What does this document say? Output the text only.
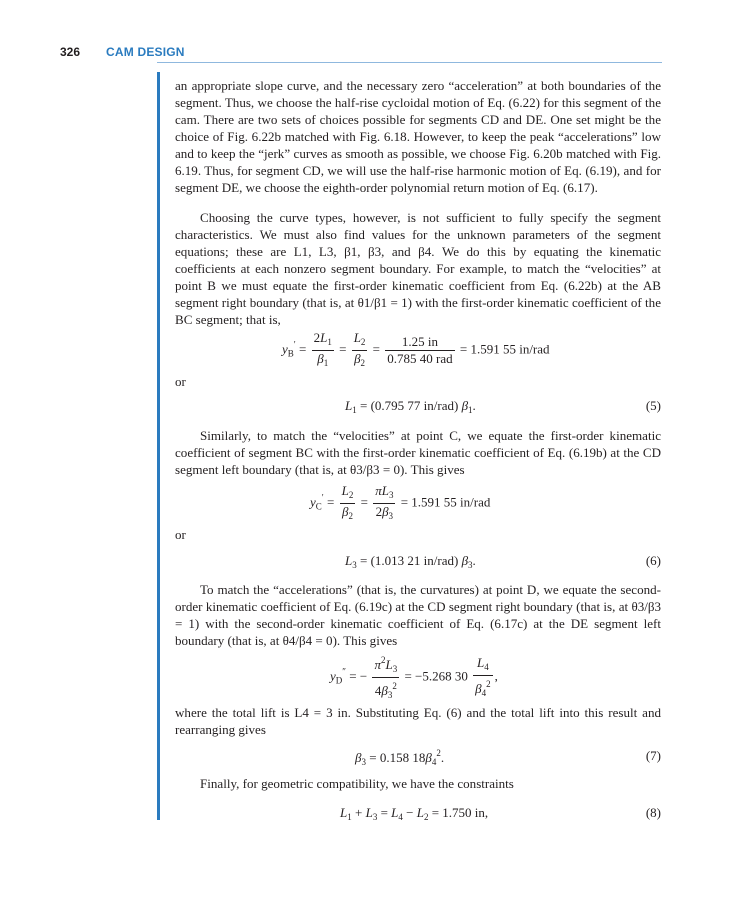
326 CAM DESIGN

an appropriate slope curve, and the necessary zero “acceleration” at both boundaries of the segment. Thus, we choose the half-rise cycloidal motion of Eq. (6.22) for this segment of the cam. There are two sets of choices possible for segments CD and DE. One set might be the choice of Fig. 6.22b matched with Fig. 6.18. However, to keep the peak “accelerations” low and to keep the “jerk” curves as smooth as possible, we choose Fig. 6.20b matched with Fig. 6.19. Thus, for segment CD, we will use the half-rise harmonic motion of Eq. (6.19), and for segment DE, we choose the eighth-order polynomial return motion of Eq. (6.17).

Choosing the curve types, however, is not sufficient to fully specify the segment characteristics. We must also find values for the unknown parameters of the segment equations; these are L1, L3, β1, β3, and β4. We do this by equating the kinematic coefficients at each nonzero segment boundary. For example, to match the “velocities” at point B we must equate the first-order kinematic coefficient from Eq. (6.22b) at the AB segment right boundary (that is, at θ1/β1 = 1) with the first-order kinematic coefficient of the BC segment; that is,

$y_B' = \frac{2L_1}{\beta_1} = \frac{L_2}{\beta_2} = \frac{1.25 in}{\text{0.785 40 rad}} = 1.591$ 55 in/rad
or
$L_1 = (0.795$ 77 in/rad) $\beta_1$.	(5)

Similarly, to match the “velocities” at point C, we equate the first-order kinematic coefficient of segment BC with the first-order kinematic coefficient of Eq. (6.19b) at the CD segment left boundary (that is, at θ3/β3 = 0). This gives

$y_C' = \frac{L_2}{\beta_2} = \frac{\pi L_3}{2\beta_3} = 1.591$ 55 in/rad
or
$L_3 = (1.013$ 21 in/rad) $\beta_3$.	(6)

To match the “accelerations” (that is, the curvatures) at point D, we equate the second-order kinematic coefficient of Eq. (6.19c) at the CD segment right boundary (that is, at θ3/β3 = 1) with the second-order kinematic coefficient of Eq. (6.17c) at the DE segment left boundary (that is, at θ4/β4 = 0). This gives

$y_D''$ = − $\frac{\pi^2L_3}{4\beta_3^2} = -5.268$ $30 \frac{L_4}{\beta_4^2}$ ,

where the total lift is L4 = 3 in. Substituting Eq. (6) and the total lift into this result and rearranging gives

$\beta_3 = 0.158$ $18\beta_4^2$.	(7)

Finally, for geometric compatibility, we have the constraints

$L_1 + L_3 = L_4 - L_2 = 1.750$ in,	(8)
